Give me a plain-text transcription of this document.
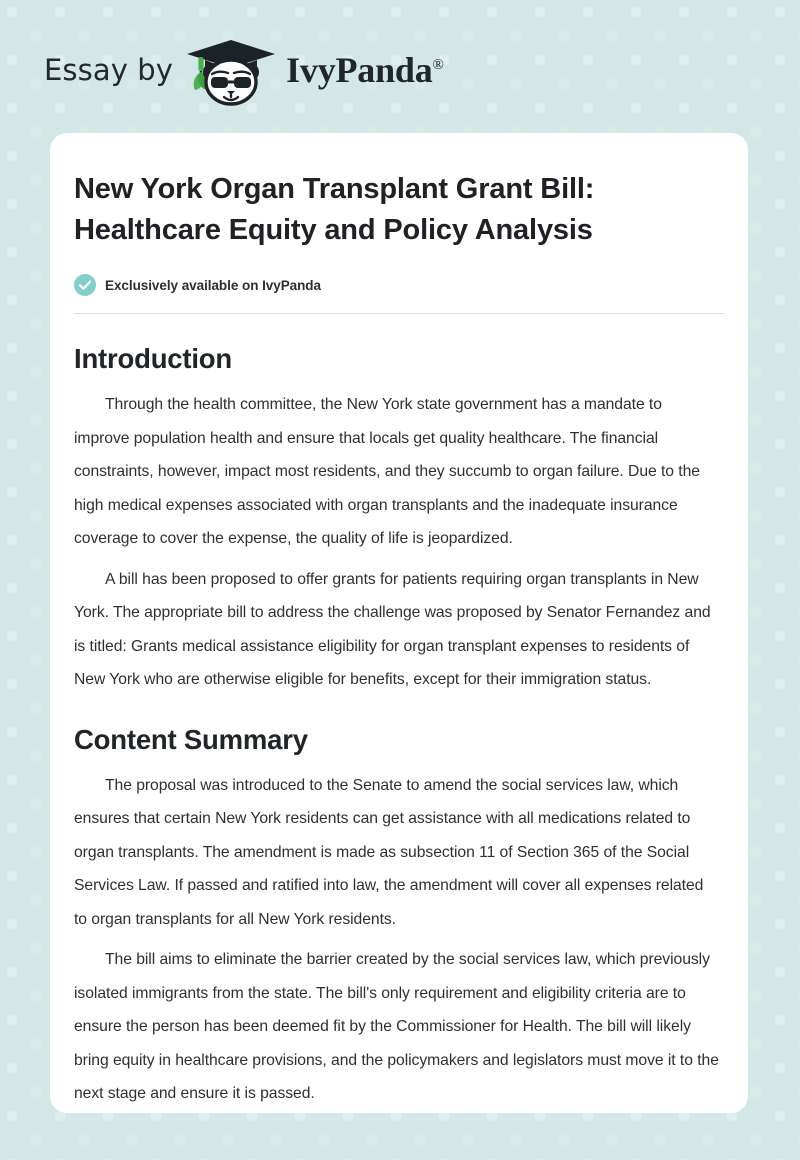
Essay by	IvyPanda®
New York Organ Transplant Grant Bill: Healthcare Equity and Policy Analysis
Exclusively available on IvyPanda
Introduction

Through the health committee, the New York state government has a mandate to improve population health and ensure that locals get quality healthcare. The financial constraints, however, impact most residents, and they succumb to organ failure. Due to the high medical expenses associated with organ transplants and the inadequate insurance coverage to cover the expense, the quality of life is jeopardized.

A bill has been proposed to offer grants for patients requiring organ transplants in New York. The appropriate bill to address the challenge was proposed by Senator Fernandez and is titled: Grants medical assistance eligibility for organ transplant expenses to residents of New York who are otherwise eligible for benefits, except for their immigration status.

Content Summary

The proposal was introduced to the Senate to amend the social services law, which ensures that certain New York residents can get assistance with all medications related to organ transplants. The amendment is made as subsection 11 of Section 365 of the Social Services Law. If passed and ratified into law, the amendment will cover all expenses related to organ transplants for all New York residents.

The bill aims to eliminate the barrier created by the social services law, which previously isolated immigrants from the state. The bill's only requirement and eligibility criteria are to ensure the person has been deemed fit by the Commissioner for Health. The bill will likely bring equity in healthcare provisions, and the policymakers and legislators must move it to the next stage and ensure it is passed.
